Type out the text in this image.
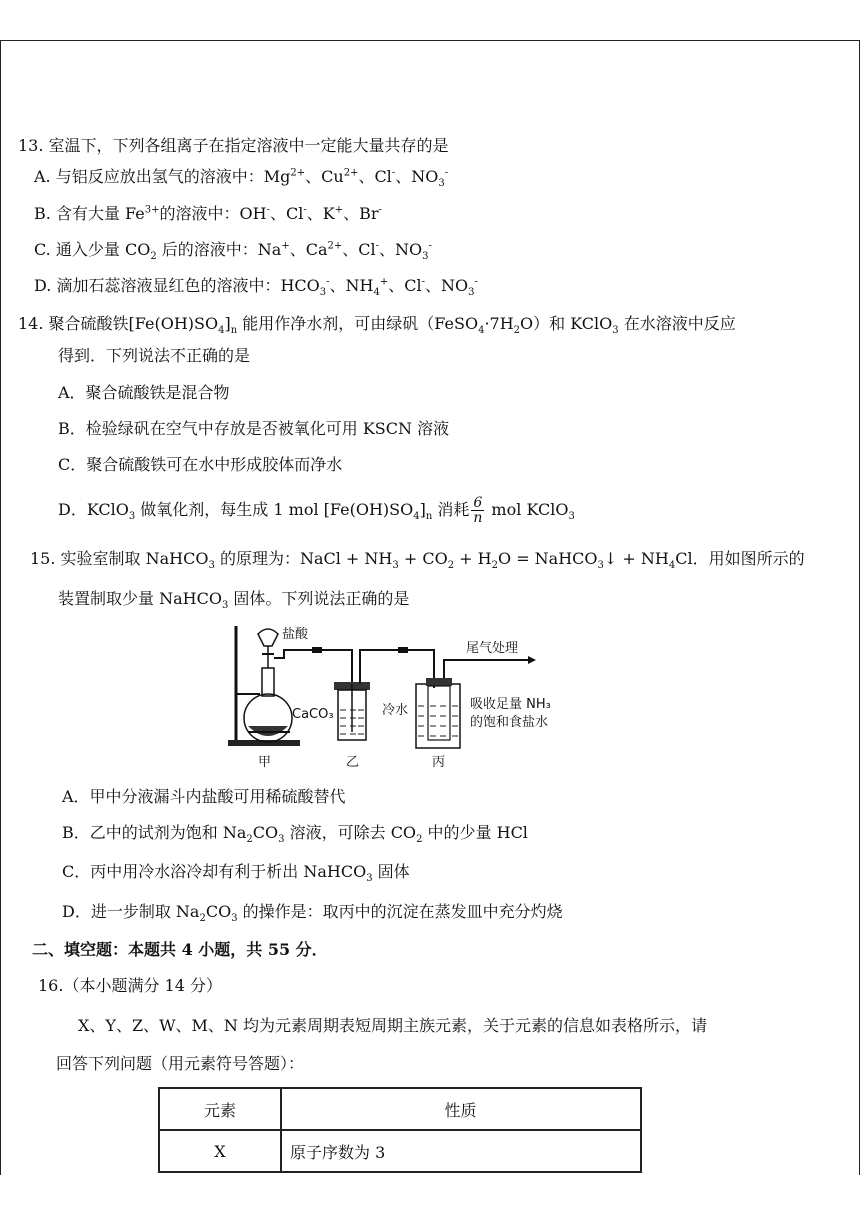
13. 室温下，下列各组离子在指定溶液中一定能大量共存的是
A. 与铝反应放出氢气的溶液中：$Mg^{2+}$、$Cu^{2+}$、Cl-、$NO_3^-$
B. 含有大量 $Fe^{3+}$的溶液中：OH-、Cl-、K+、Br-
C. 通入少量 $CO_2$ 后的溶液中：Na+、$Ca^{2+}$、Cl-、$NO_3^-$
D. 滴加石蕊溶液显红色的溶液中：$HCO_3^-$、$NH_4^+$、Cl-、$NO_3^-$
14. 聚合硫酸铁$[Fe(OH)SO_4]_n$ 能用作净水剂，可由绿矾$(FeSO_4\cdot 7H_2O)$和 KClO$_3$ 在水溶液中反应
得到．下列说法不正确的是
A．聚合硫酸铁是混合物
B．检验绿矾在空气中存放是否被氧化可用 KSCN 溶液
C．聚合硫酸铁可在水中形成胶体而净水
D．KClO$_3$ 做氧化剂，每生成 1 mol $[Fe(OH)SO_4]_n$ 消耗 $\frac{6}{n}$ mol KClO$_3$
15. 实验室制取 NaHCO$_3$ 的原理为：NaCl + $NH_3 + CO_2 + H_2O$ = NaHCO$_3$↓ + $NH_4Cl$．用如图所示的
装置制取少量 NaHCO$_3$ 固体。下列说法正确的是
盐酸
尾气处理
CaCO₃	冷水	吸收足量 NH₃
的饱和食盐水
甲	乙	丙
A．甲中分液漏斗内盐酸可用稀硫酸替代
B．乙中的试剂为饱和 $Na_2CO_3$ 溶液，可除去 $CO_2$ 中的少量 HCl
C．丙中用冷水浴冷却有利于析出 NaHCO$_3$ 固体
D．进一步制取 $Na_2CO_3$ 的操作是：取丙中的沉淀在蒸发皿中充分灼烧
二、填空题：本题共 4 小题，共 55 分．
16.（本小题满分 14 分）
X、Y、Z、W、M、N 均为元素周期表短周期主族元素，关于元素的信息如表格所示，请
回答下列问题（用元素符号答题）：
元素	性质
X	原子序数为 3
